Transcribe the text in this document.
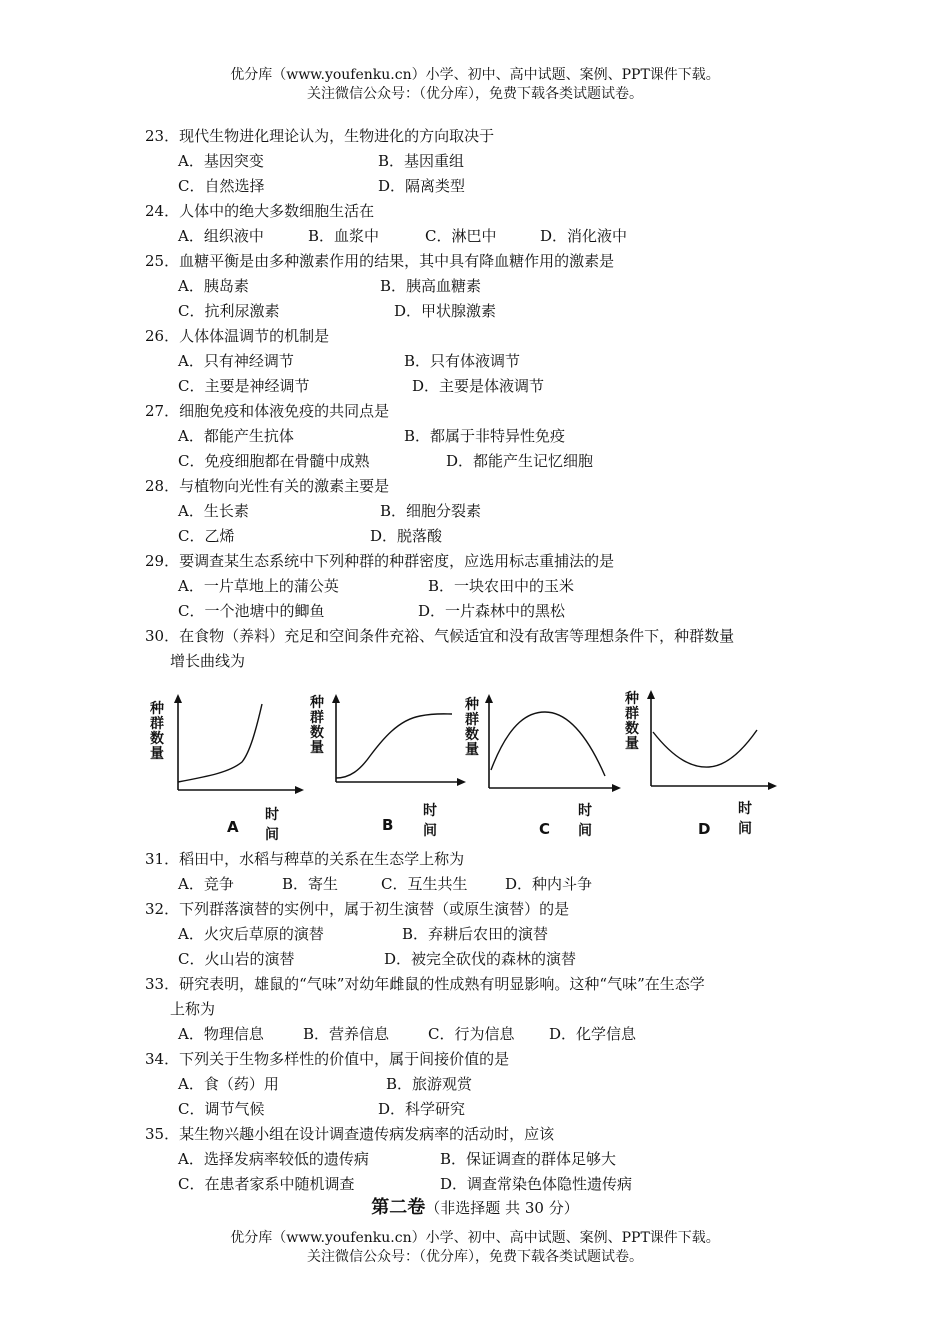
优分库（www.youfenku.cn）小学、初中、高中试题、案例、PPT课件下载。
关注微信公众号：（优分库），免费下载各类试题试卷。
23．现代生物进化理论认为，生物进化的方向取决于
A．基因突变	B．基因重组
C．自然选择	D．隔离类型
24．人体中的绝大多数细胞生活在
A．组织液中	B．血浆中	C．淋巴中	D．消化液中
25．血糖平衡是由多种激素作用的结果，其中具有降血糖作用的激素是
A．胰岛素	B．胰高血糖素
C．抗利尿激素	D．甲状腺激素
26．人体体温调节的机制是
A．只有神经调节	B．只有体液调节
C．主要是神经调节	D．主要是体液调节
27．细胞免疫和体液免疫的共同点是
A．都能产生抗体	B．都属于非特异性免疫
C．免疫细胞都在骨髓中成熟	D．都能产生记忆细胞
28．与植物向光性有关的激素主要是
A．生长素	B．细胞分裂素
C．乙烯	D．脱落酸
29．要调查某生态系统中下列种群的种群密度，应选用标志重捕法的是
A．一片草地上的蒲公英	B．一块农田中的玉米
C．一个池塘中的鲫鱼	D．一片森林中的黑松
30．在食物（养料）充足和空间条件充裕、气候适宜和没有敌害等理想条件下，种群数量
增长曲线为
种群数量
时间
A
种群数量
时间
B
种群数量
时间
C
种群数量
时间
D
31．稻田中，水稻与稗草的关系在生态学上称为
A．竞争	B．寄生	C．互生共生	D．种内斗争
32．下列群落演替的实例中，属于初生演替（或原生演替）的是
A．火灾后草原的演替	B．弃耕后农田的演替
C．火山岩的演替	D．被完全砍伐的森林的演替
33．研究表明，雄鼠的“气味”对幼年雌鼠的性成熟有明显影响。这种“气味”在生态学
上称为
A．物理信息	B．营养信息	C．行为信息 D．化学信息
34．下列关于生物多样性的价值中，属于间接价值的是
A．食（药）用	B．旅游观赏
C．调节气候	D．科学研究
35．某生物兴趣小组在设计调查遗传病发病率的活动时，应该
A．选择发病率较低的遗传病	B．保证调查的群体足够大
C．在患者家系中随机调查	D．调查常染色体隐性遗传病
第二卷（非选择题 共 30 分）
优分库（www.youfenku.cn）小学、初中、高中试题、案例、PPT课件下载。
关注微信公众号：（优分库），免费下载各类试题试卷。
